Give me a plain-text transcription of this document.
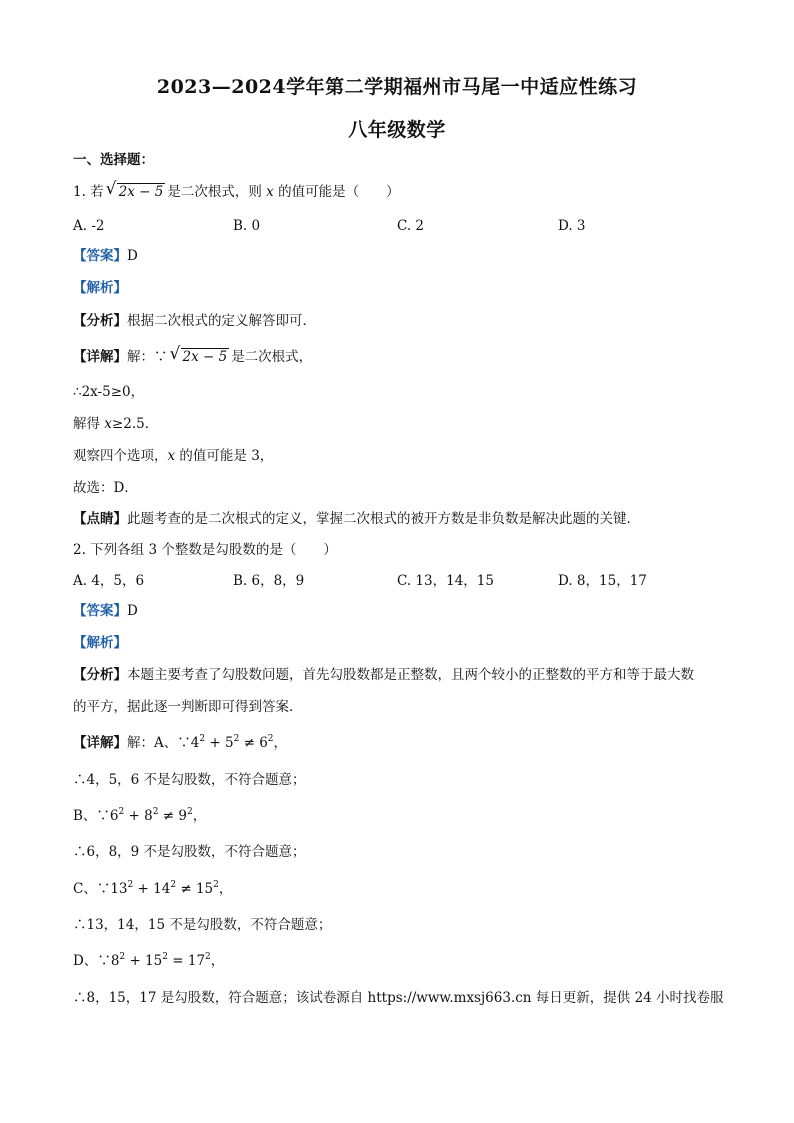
2023—2024学年第二学期福州市马尾一中适应性练习
八年级数学
一、选择题：
1. 若 √ 2x − 5 是二次根式，则 x 的值可能是（　　）
A. -2	B. 0	C. 2	D. 3
【答案】D
【解析】
【分析】根据二次根式的定义解答即可．
【详解】解：∵ √ 2x − 5 是二次根式，
∴2x-5≥0，
解得 x≥2.5．
观察四个选项，x 的值可能是 3，
故选：D．
【点睛】此题考查的是二次根式的定义，掌握二次根式的被开方数是非负数是解决此题的关键．
2. 下列各组 3 个整数是勾股数的是（　　）
A. 4，5，6	B. 6，8，9	C. 13，14，15	D. 8，15，17
【答案】D
【解析】
【分析】本题主要考查了勾股数问题，首先勾股数都是正整数，且两个较小的正整数的平方和等于最大数
的平方，据此逐一判断即可得到答案．
【详解】解：A、$\because 4^2 + 5^2 \ne 6^2$，
∴4，5，6 不是勾股数，不符合题意；
B、$\because 6^2 + 8^2 \ne 9^2$，
∴6，8，9 不是勾股数，不符合题意；
C、$\because 13^2 + 14^2 \ne 15^2$，
∴13，14，15 不是勾股数，不符合题意；
D、$\because 8^2 + 15^2 = 17^2$，
∴8，15，17 是勾股数，符合题意；该试卷源自 https://www.mxsj663.cn 每日更新，提供 24 小时找卷服
